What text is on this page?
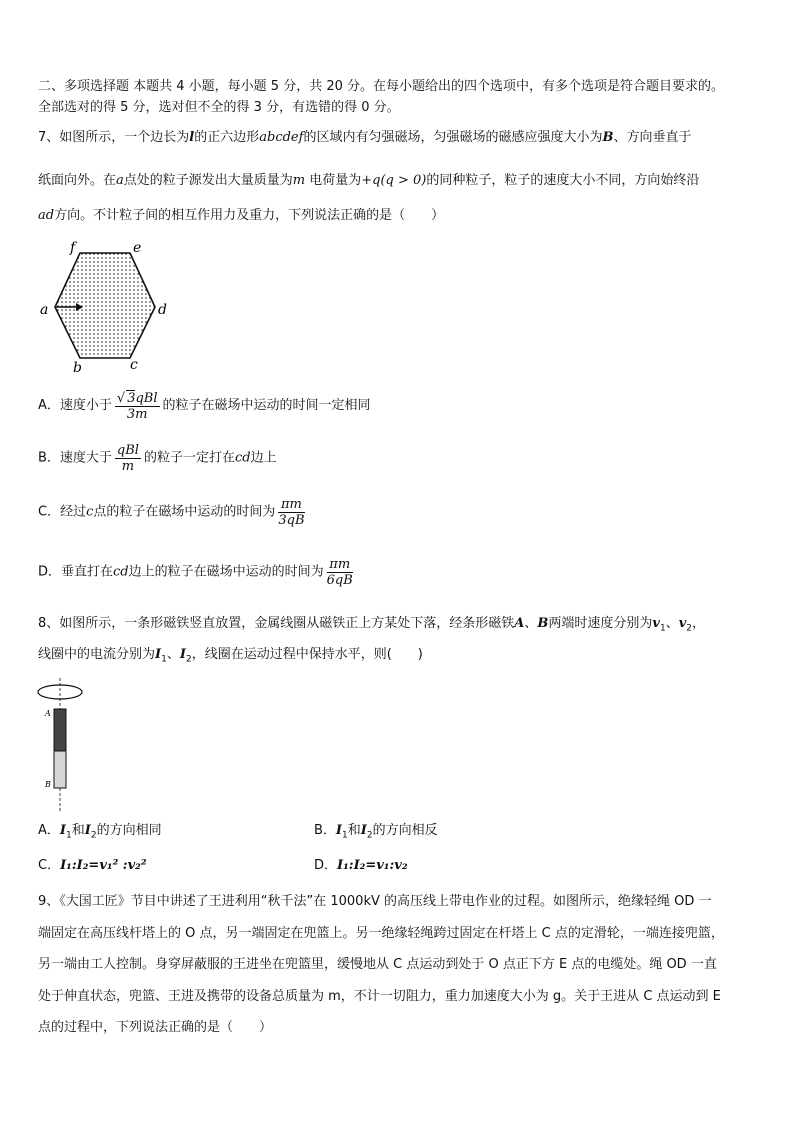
二、多项选择题 本题共 4 小题，每小题 5 分，共 20 分。在每小题给出的四个选项中，有多个选项是符合题目要求的。
全部选对的得 5 分，选对但不全的得 3 分，有选错的得 0 分。
7、如图所示，一个边长为l的正六边形abcdef的区域内有匀强磁场，匀强磁场的磁感应强度大小为B、方向垂直于
纸面向外。在a点处的粒子源发出大量质量为m 电荷量为+q(q > 0)的同种粒子，粒子的速度大小不同，方向始终沿
ad方向。不计粒子间的相互作用力及重力，下列说法正确的是（　　）
f	e
a	d
b	c
A．速度小于 $\frac{\text{√ 3qBl}}{3m}$ 的粒子在磁场中运动的时间一定相同
B．速度大于 $\frac{\text{qBl}}{m}$ 的粒子一定打在cd边上
C．经过c点的粒子在磁场中运动的时间为 $\frac{\pi m}{3qB}$
D．垂直打在cd边上的粒子在磁场中运动的时间为 $\frac{\pi m}{6qB}$
8、如图所示，一条形磁铁竖直放置，金属线圈从磁铁正上方某处下落，经条形磁铁A、B两端时速度分别为$v_1$、$v_2$，
线圈中的电流分别为$I_1$、$I_2$，线圈在运动过程中保持水平，则(　　)
A
B
A．$I_1$和$I_2$的方向相同	B．$I_1$和$I_2$的方向相反
C．I₁:I₂=v₁² :v₂²	D．I₁:I₂=v₁:v₂
9、《大国工匠》节目中讲述了王进利用“秋千法”在 1000kV 的高压线上带电作业的过程。如图所示，绝缘轻绳 OD 一
端固定在高压线杆塔上的 O 点，另一端固定在兜篮上。另一绝缘轻绳跨过固定在杆塔上 C 点的定滑轮，一端连接兜篮，
另一端由工人控制。身穿屏蔽服的王进坐在兜篮里，缓慢地从 C 点运动到处于 O 点正下方 E 点的电缆处。绳 OD 一直
处于伸直状态，兜篮、王进及携带的设备总质量为 m，不计一切阻力，重力加速度大小为 g。关于王进从 C 点运动到 E
点的过程中，下列说法正确的是（　　）
